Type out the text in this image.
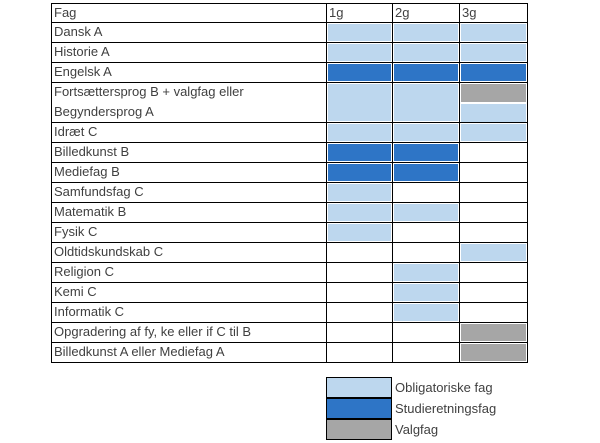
Fag	1g	2g	3g
Dansk A
Historie A
Engelsk A
Fortsættersprog B + valgfag eller
Begyndersprog A
Idræt C
Billedkunst B
Mediefag B
Samfundsfag C
Matematik B
Fysik C
Oldtidskundskab C
Religion C
Kemi C
Informatik C
Opgradering af fy, ke eller if C til B
Billedkunst A eller Mediefag A
Obligatoriske fag
Studieretningsfag
Valgfag
